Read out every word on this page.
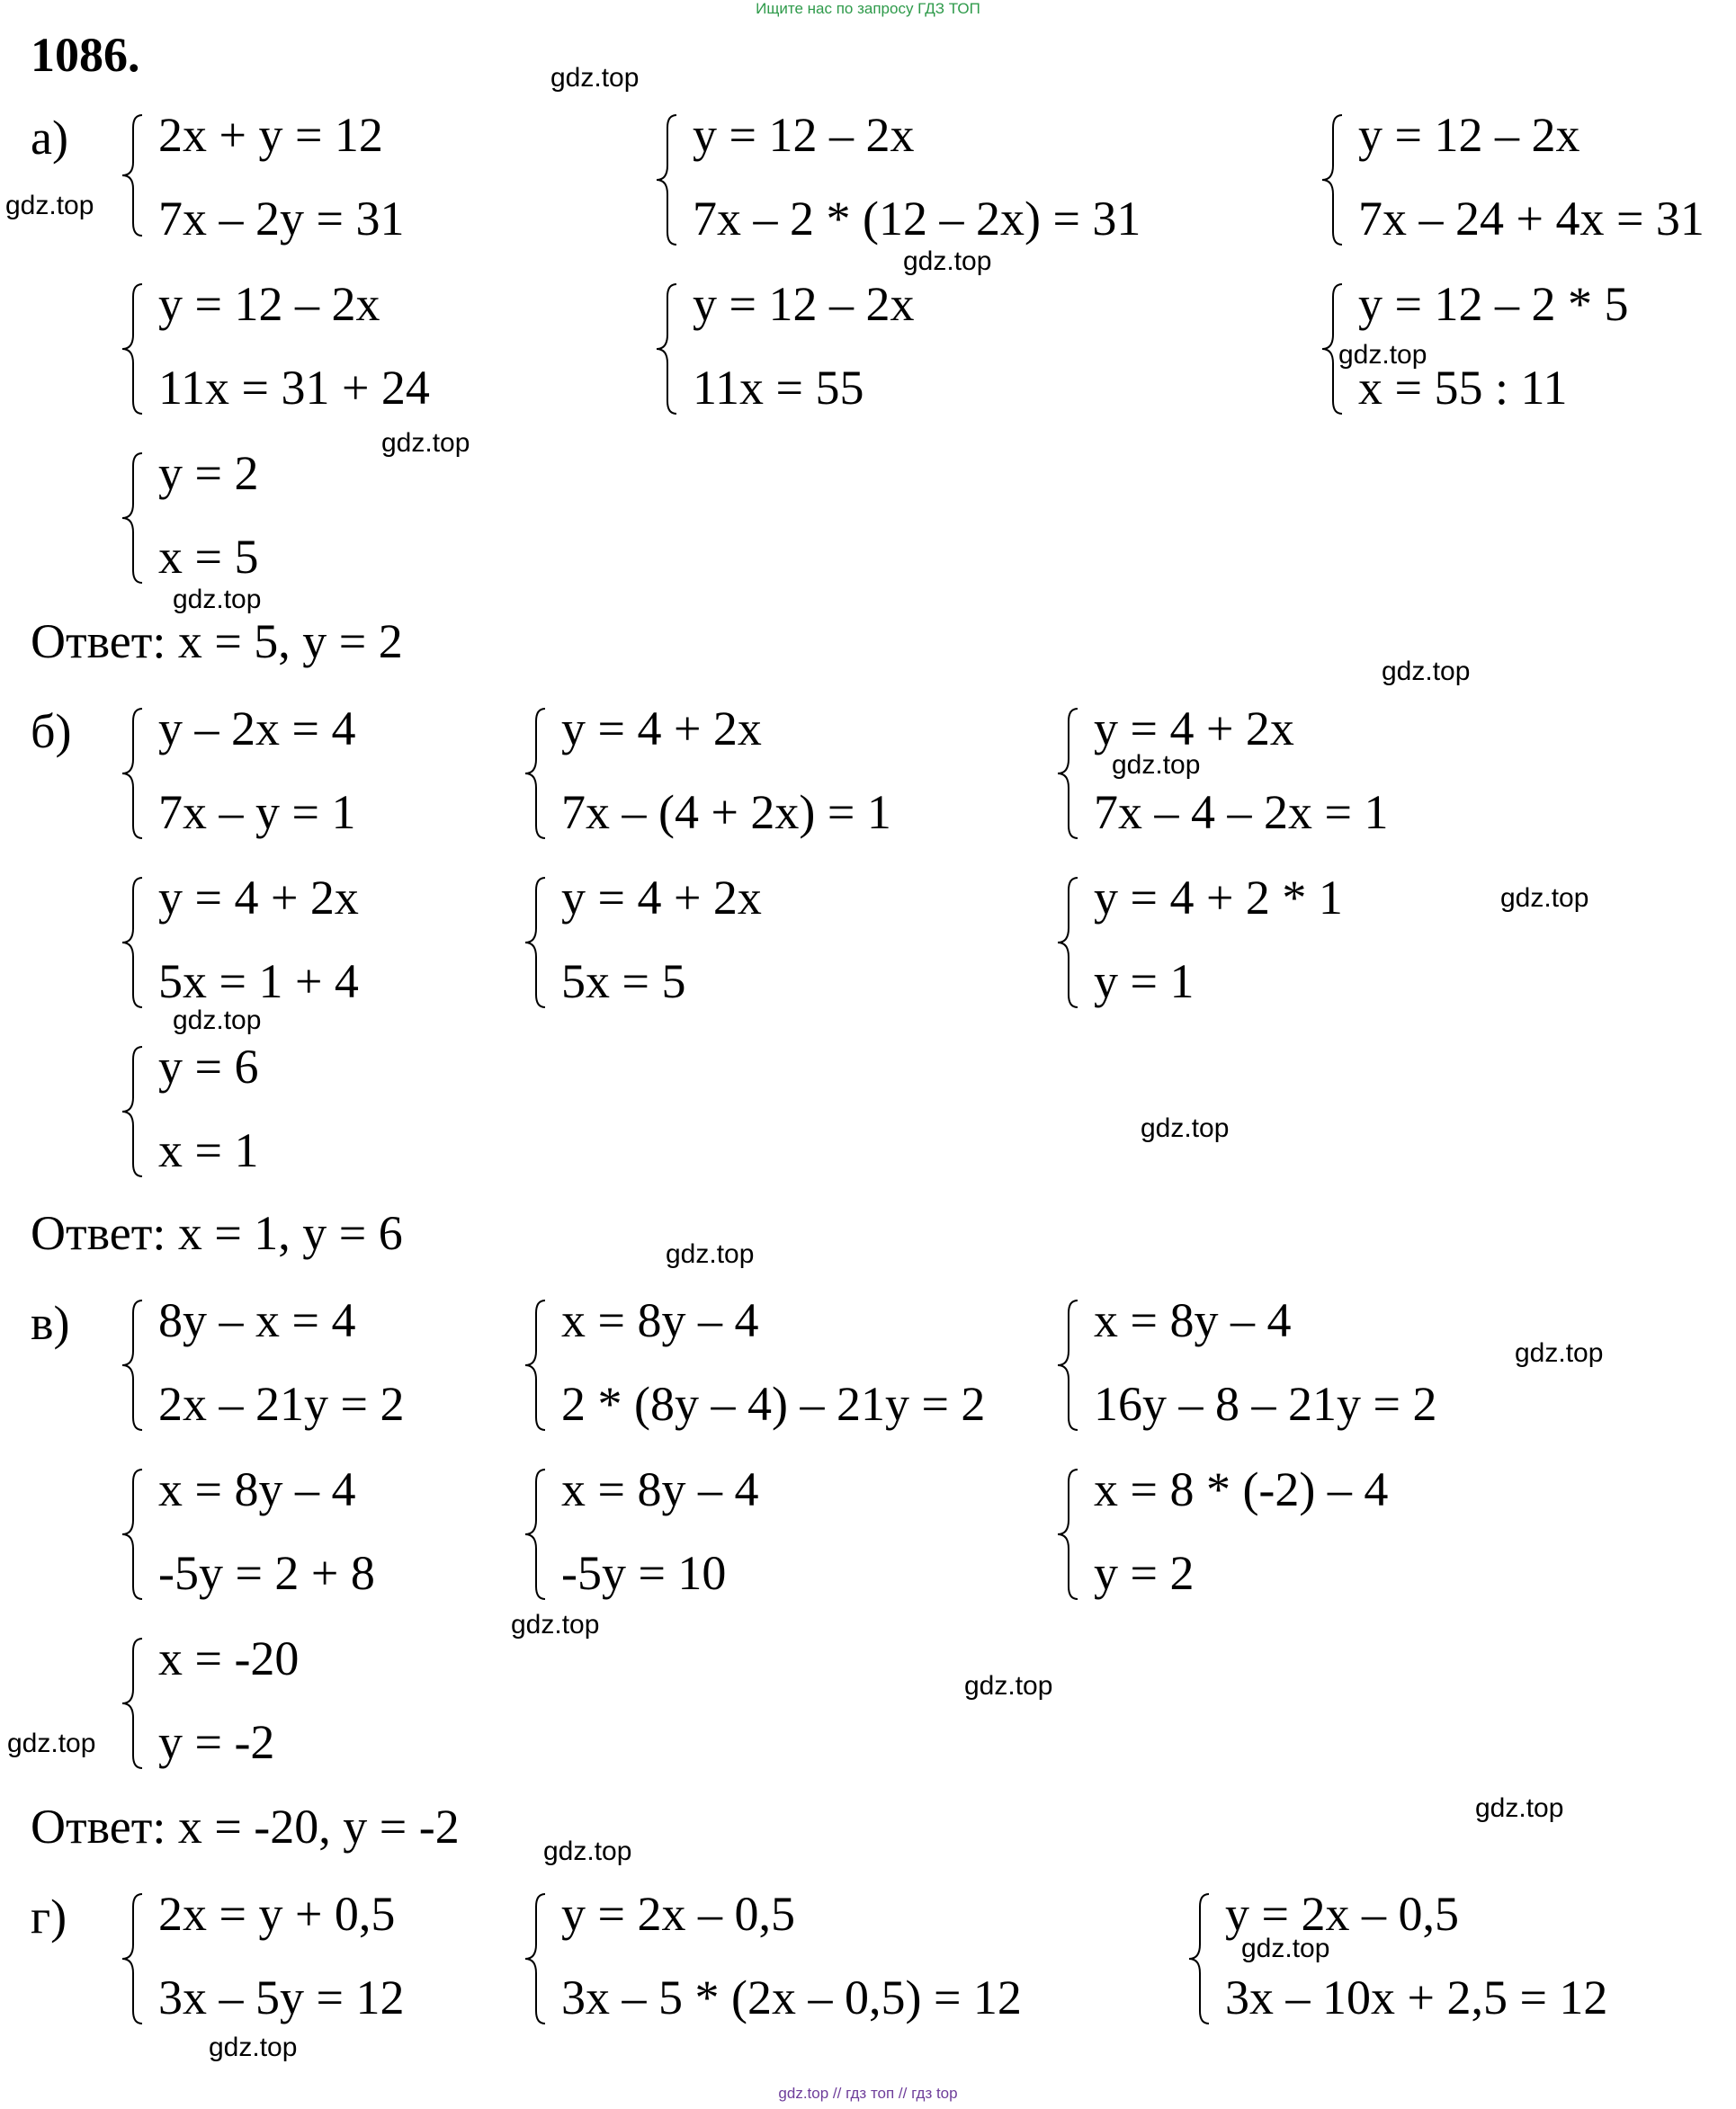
Ищите нас по запросу ГДЗ ТОП
gdz.top // гдз топ // гдз top
1086.
а) 2x + y = 12
7x – 2y = 31
y = 12 – 2x
7x – 2 * (12 – 2x) = 31
y = 12 – 2x
7x – 24 + 4x = 31
y = 12 – 2x
11x = 31 + 24
y = 12 – 2x
11x = 55
y = 12 – 2 * 5
x = 55 : 11
y = 2
x = 5
Ответ: x = 5, y = 2
б) y – 2x = 4
7x – y = 1
y = 4 + 2x
7x – (4 + 2x) = 1
y = 4 + 2x
7x – 4 – 2x = 1
y = 4 + 2x
5x = 1 + 4
y = 4 + 2x
5x = 5
y = 4 + 2 * 1
y = 1
y = 6
x = 1
Ответ: x = 1, y = 6
в) 8y – x = 4
2x – 21y = 2
x = 8y – 4
2 * (8y – 4) – 21y = 2
x = 8y – 4
16y – 8 – 21y = 2
x = 8y – 4
-5y = 2 + 8
x = 8y – 4
-5y = 10
x = 8 * (-2) – 4
y = 2
x = -20
y = -2
Ответ: x = -20, y = -2
г) 2x = y + 0,5
3x – 5y = 12
y = 2x – 0,5
3x – 5 * (2x – 0,5) = 12
y = 2x – 0,5
3x – 10x + 2,5 = 12
gdz.top
gdz.top
gdz.top
gdz.top
gdz.top
gdz.top
gdz.top
gdz.top
gdz.top
gdz.top
gdz.top
gdz.top
gdz.top
gdz.top
gdz.top
gdz.top
gdz.top
gdz.top
gdz.top
gdz.top
